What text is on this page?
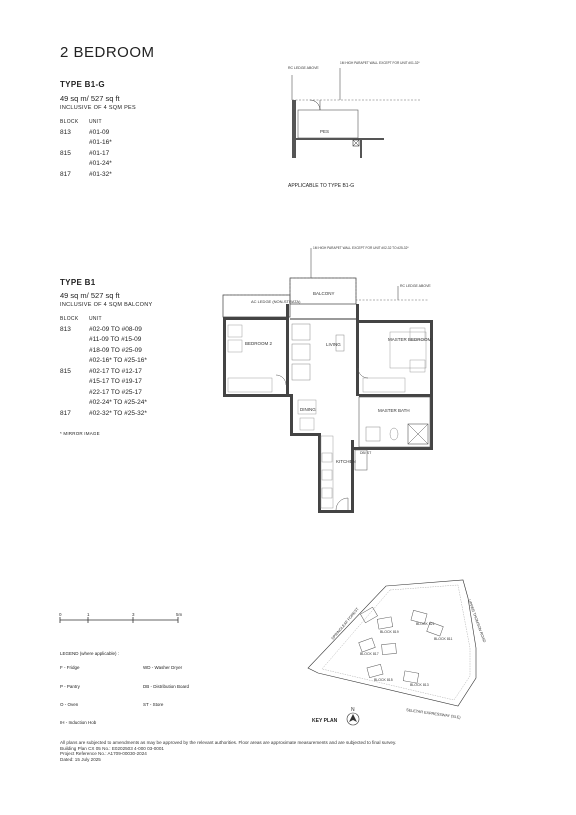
2 BEDROOM
TYPE B1-G
49 sq m/ 527 sq ft
INCLUSIVE OF 4 SQM PES
BLOCK UNIT
813	#01-09
#01-16*
815	#01-17
#01-24*
817	#01-32*
RC LEDGE ABOVE
1M HIGH PARAPET WALL EXCEPT FOR UNIT #01-32*
PES
APPLICABLE TO TYPE B1-G
TYPE B1
49 sq m/ 527 sq ft
INCLUSIVE OF 4 SQM BALCONY
BLOCK UNIT
813	#02-09 TO #08-09
#11-09 TO #15-09
#18-09 TO #25-09
#02-16* TO #25-16*
815	#02-17 TO #12-17
#15-17 TO #19-17
#22-17 TO #25-17
#02-24* TO #25-24*
817	#02-32* TO #25-32*
* MIRROR IMAGE
1M HIGH PARAPET WALL EXCEPT FOR UNIT #02-32 TO #25-32*
RC LEDGE ABOVE
AC LEDGE (NON-STRATA)
BALCONY
BEDROOM 2	LIVING
MASTER BEDROOM
DINING	MASTER BATH
KITCHEN
DB/ ST
0	1	3	5m
LEGEND (where applicable) :
F - Fridge	WD - Washer Dryer
P - Pantry	DB - Distribution Board
O - Oven	ST - Store
IH - Induction Hob
SPRINGLEAF FOREST	UPPER THOMSON ROAD
SELETAR EXPRESSWAY (SLE)
BLOCK 821
BLOCK 819
BLOCK 817
BLOCK 811
BLOCK 815
BLOCK 813
N
KEY PLAN
All plans are subjected to amendments as may be approved by the relevant authorities. Floor areas are approximate measurements and are subjected to final survey.
Building Plan CX 05 No.: E0202503 4-000 03-0001
Project Reference No.: A1709-00030-2024
Dated: 15 July 2025
